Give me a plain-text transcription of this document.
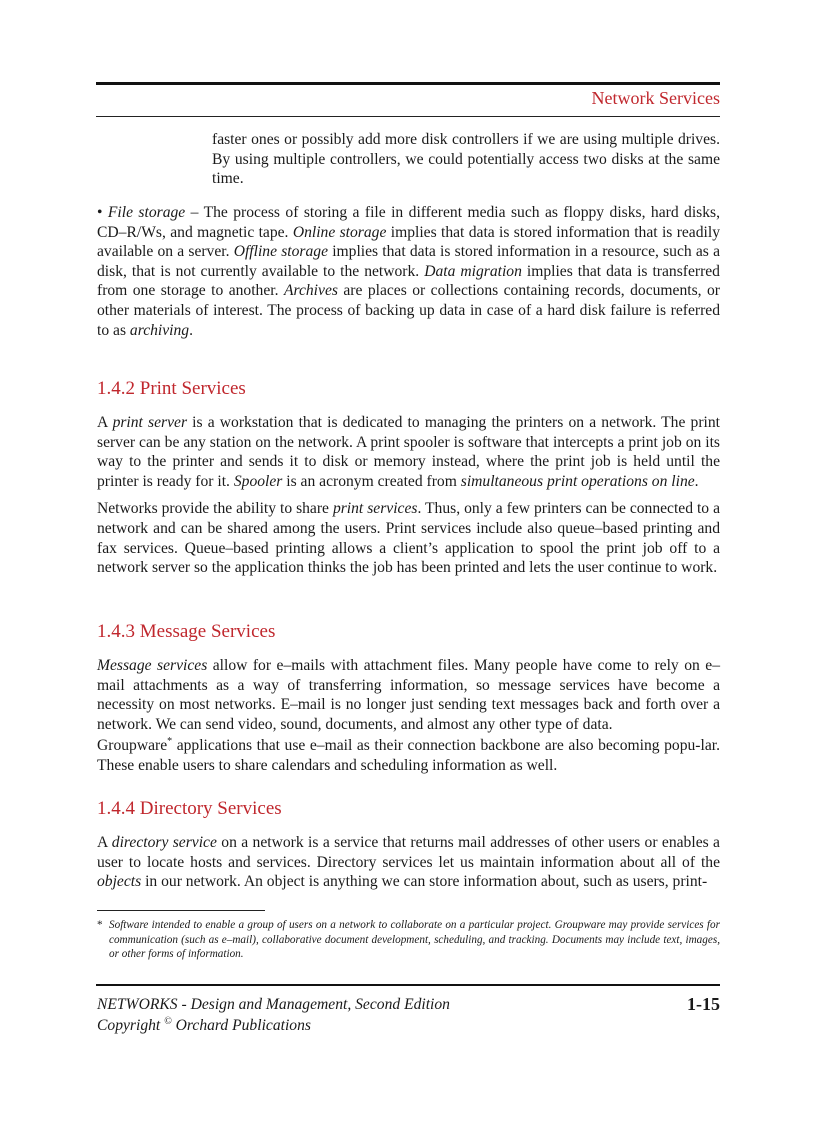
Network Services

faster ones or possibly add more disk controllers if we are using multiple drives. By using multiple controllers, we could potentially access two disks at the same time.

• File storage – The process of storing a file in different media such as floppy disks, hard disks, CD–R/Ws, and magnetic tape. Online storage implies that data is stored information that is readily available on a server. Offline storage implies that data is stored information in a resource, such as a disk, that is not currently available to the network. Data migration implies that data is transferred from one storage to another. Archives are places or collections containing records, documents, or other materials of interest. The process of backing up data in case of a hard disk failure is referred to as archiving.

1.4.2 Print Services

A print server is a workstation that is dedicated to managing the printers on a network. The print server can be any station on the network. A print spooler is software that intercepts a print job on its way to the printer and sends it to disk or memory instead, where the print job is held until the printer is ready for it. Spooler is an acronym created from simultaneous print operations on line.

Networks provide the ability to share print services. Thus, only a few printers can be connected to a network and can be shared among the users. Print services include also queue–based printing and fax services. Queue–based printing allows a client’s application to spool the print job off to a network server so the application thinks the job has been printed and lets the user continue to work.

1.4.3 Message Services

Message services allow for e–mails with attachment files. Many people have come to rely on e–mail attachments as a way of transferring information, so message services have become a necessity on most networks. E–mail is no longer just sending text messages back and forth over a network. We can send video, sound, documents, and almost any other type of data.

Groupware* applications that use e–mail as their connection backbone are also becoming popu-lar. These enable users to share calendars and scheduling information as well.

1.4.4 Directory Services

A directory service on a network is a service that returns mail addresses of other users or enables a user to locate hosts and services. Directory services let us maintain information about all of the objects in our network. An object is anything we can store information about, such as users, print-

* Software intended to enable a group of users on a network to collaborate on a particular project. Groupware may provide services for communication (such as e–mail), collaborative document development, scheduling, and tracking. Documents may include text, images, or other forms of information.
NETWORKS - Design and Management, Second Edition
Copyright © Orchard Publications
1-15
